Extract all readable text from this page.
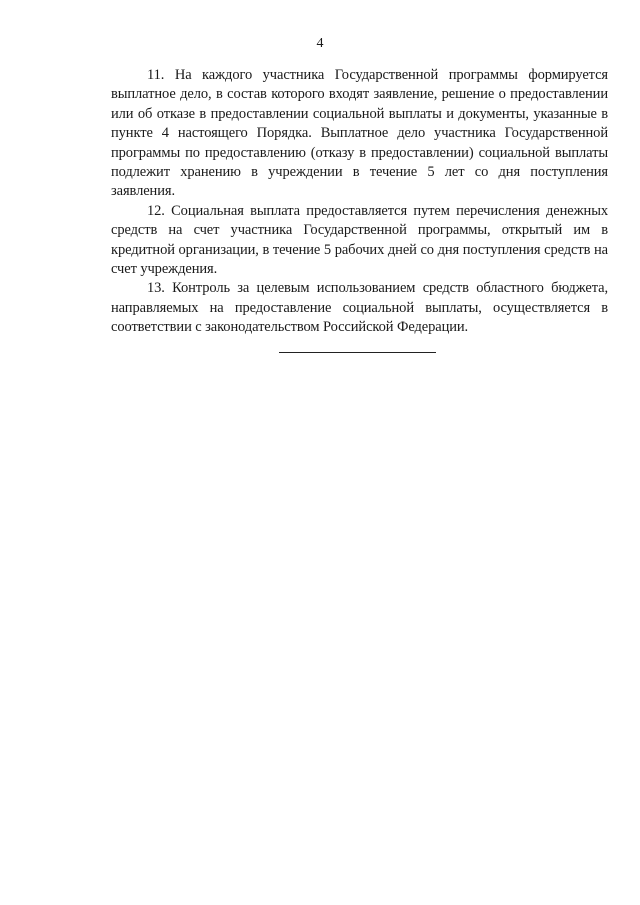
4

11. На каждого участника Государственной программы формируется выплатное дело, в состав которого входят заявление, решение о предоставлении или об отказе в предоставлении социальной выплаты и документы, указанные в пункте 4 настоящего Порядка. Выплатное дело участника Государственной программы по предоставлению (отказу в предоставлении) социальной выплаты подлежит хранению в учреждении в течение 5 лет со дня поступления заявления.

12. Социальная выплата предоставляется путем перечисления денежных средств на счет участника Государственной программы, открытый им в кредитной организации, в течение 5 рабочих дней со дня поступления средств на счет учреждения.

13. Контроль за целевым использованием средств областного бюджета, направляемых на предоставление социальной выплаты, осуществляется в соответствии с законодательством Российской Федерации.
